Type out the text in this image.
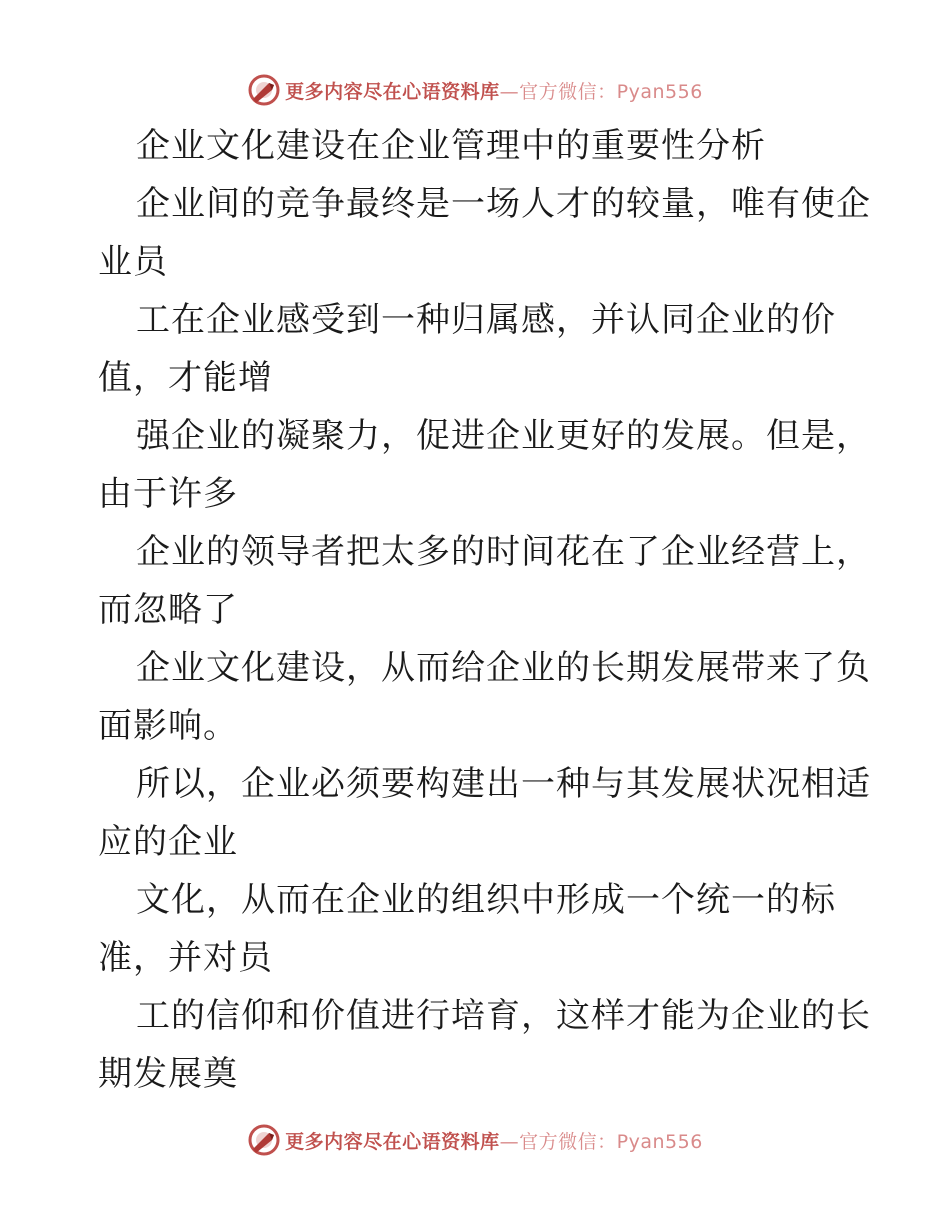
更多内容尽在心语资料库—官方微信：Pyan556
企业文化建设在企业管理中的重要性分析
企业间的竞争最终是一场人才的较量，唯有使企
业员
工在企业感受到一种归属感，并认同企业的价
值，才能增
强企业的凝聚力，促进企业更好的发展。但是，
由于许多
企业的领导者把太多的时间花在了企业经营上，
而忽略了
企业文化建设，从而给企业的长期发展带来了负
面影响。
所以，企业必须要构建出一种与其发展状况相适
应的企业
文化，从而在企业的组织中形成一个统一的标
准，并对员
工的信仰和价值进行培育，这样才能为企业的长
期发展奠
更多内容尽在心语资料库—官方微信：Pyan556
